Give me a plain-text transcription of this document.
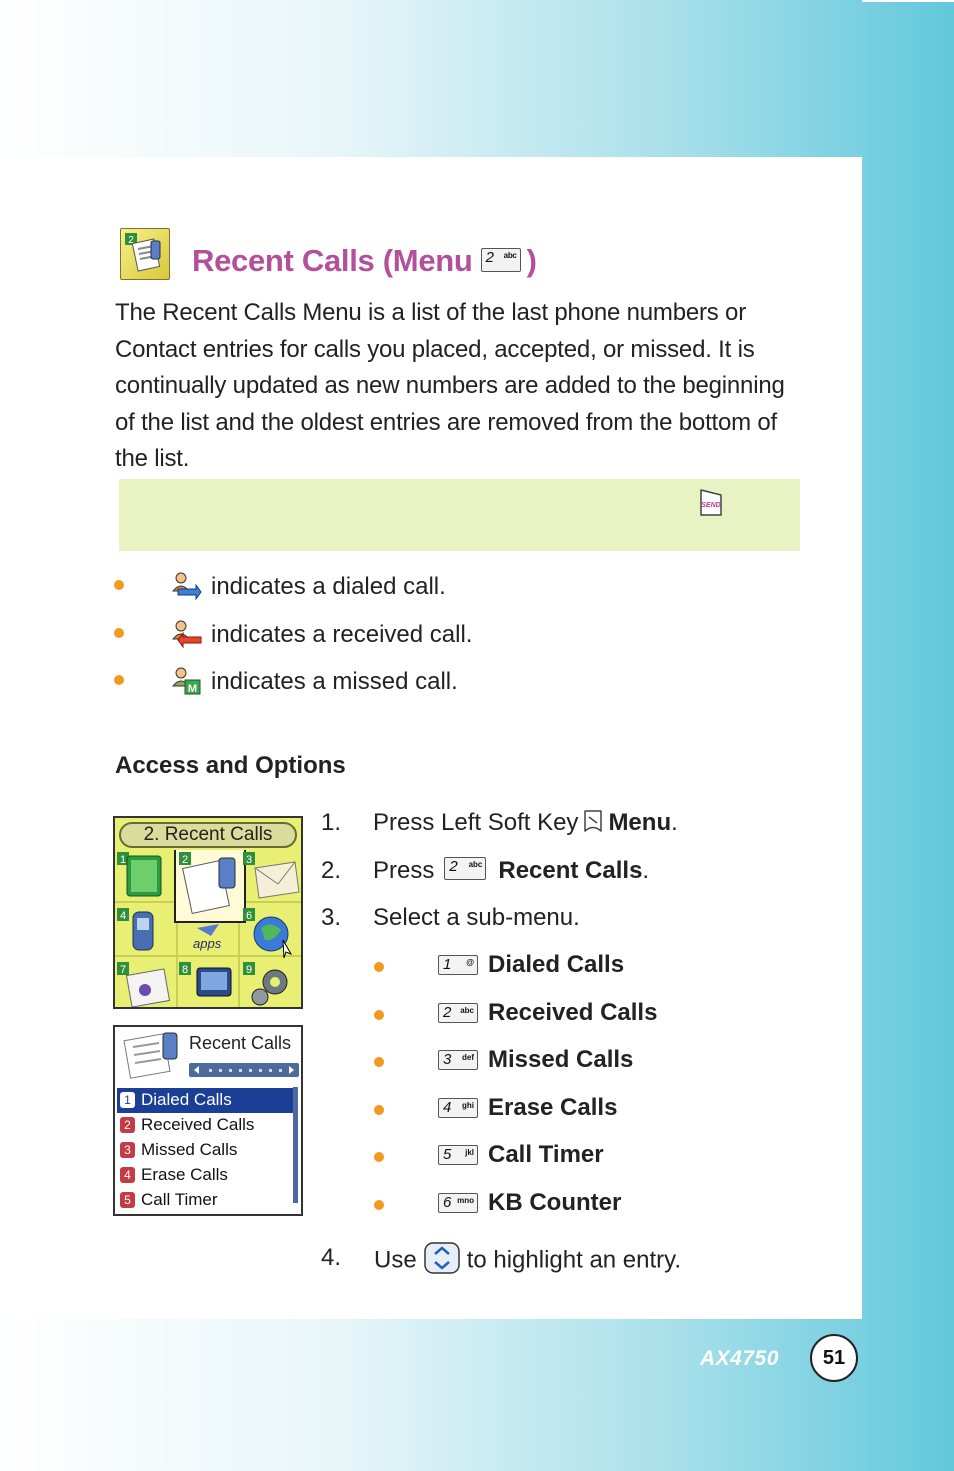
2
Recent Calls (Menu 2 abc )

The Recent Calls Menu is a list of the last phone numbers or Contact entries for calls you placed, accepted, or missed. It is continually updated as new numbers are added to the beginning of the list and the oldest entries are removed from the bottom of the list.

SEND
indicates a dialed call.
indicates a received call.
M indicates a missed call.
Access and Options
2. Recent Calls
1	2	3
4
apps
6
7	8	9
Recent Calls
1 Dialed Calls
2 Received Calls
3 Missed Calls
4 Erase Calls
5 Call Timer
1. Press Left Soft Key Menu.
2. Press 2 abc Recent Calls.
3. Select a sub-menu.
1 @ Dialed Calls
2 abc Received Calls
3 def Missed Calls
4 ghi Erase Calls
5 jkl Call Timer
6 mno KB Counter
4. Use to highlight an entry.
AX4750	51
